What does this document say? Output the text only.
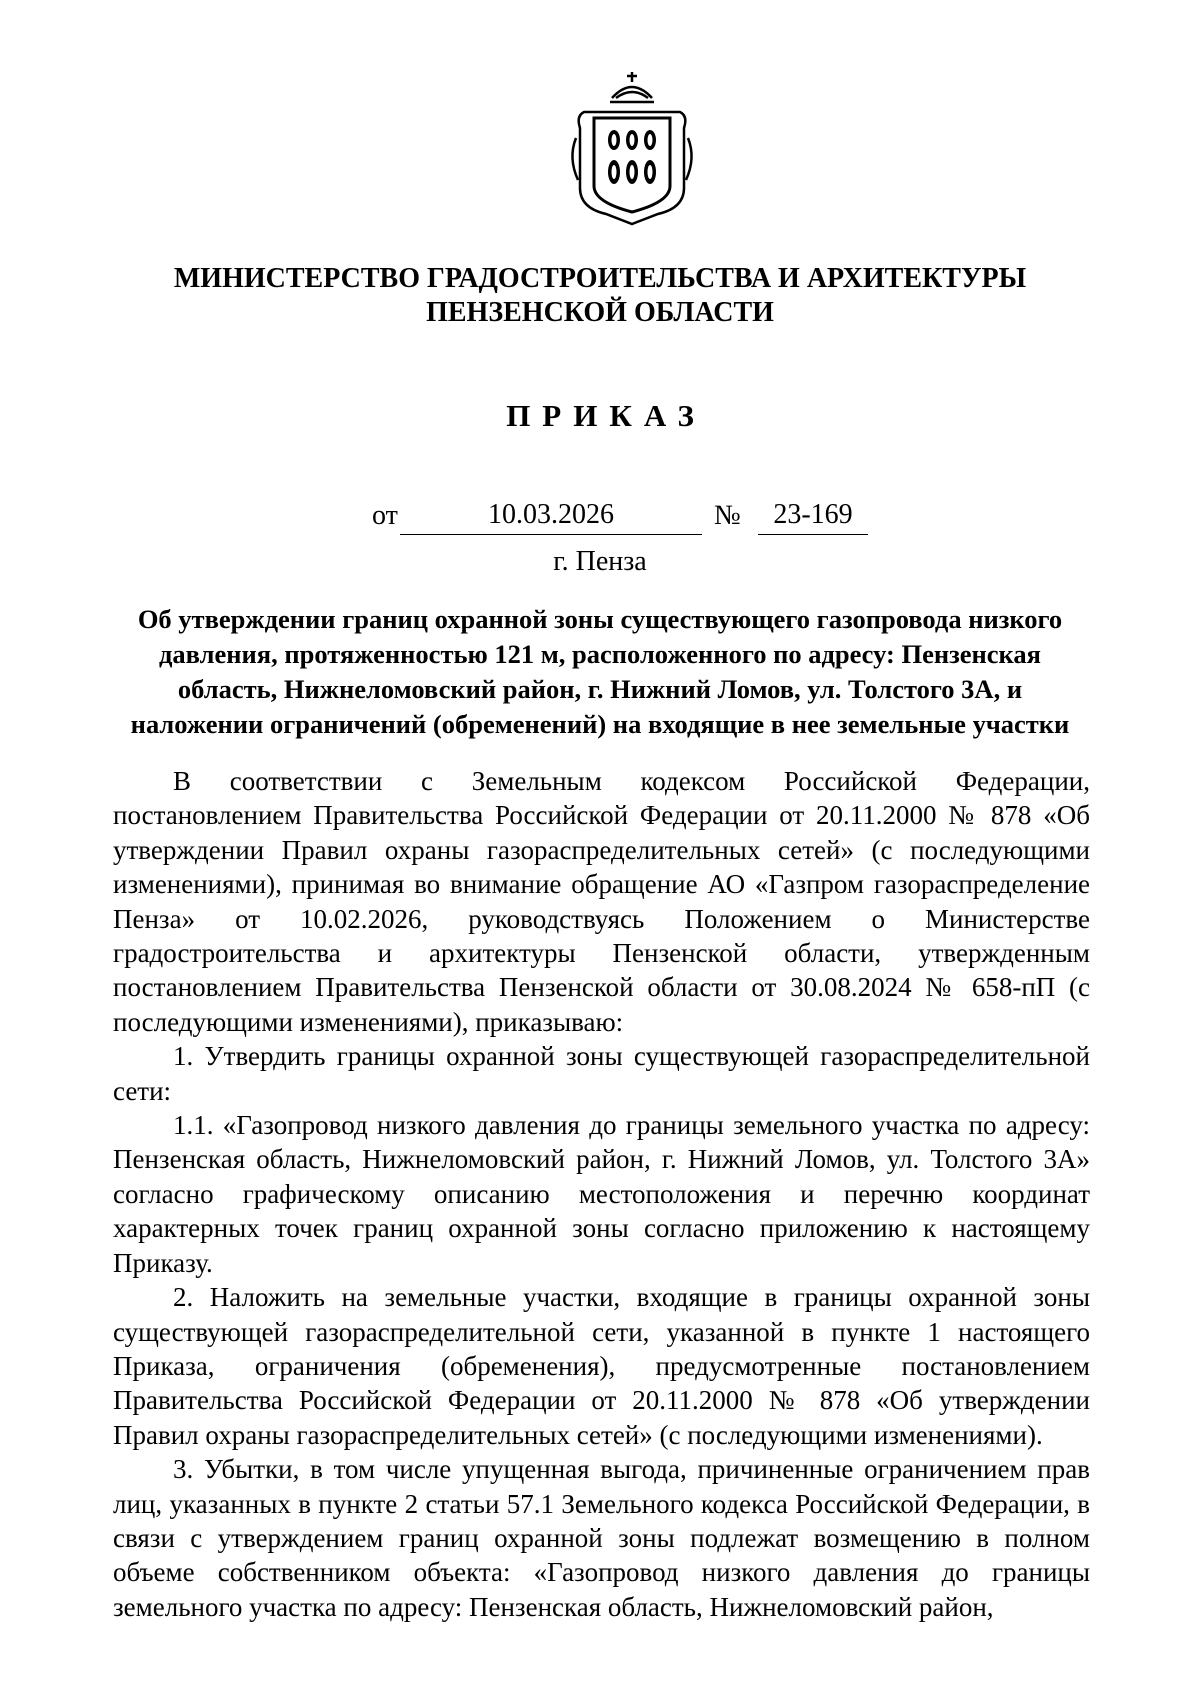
МИНИСТЕРСТВО ГРАДОСТРОИТЕЛЬСТВА И АРХИТЕКТУРЫ
ПЕНЗЕНСКОЙ ОБЛАСТИ
ПРИКАЗ
от	10.03.2026	№	23-169
г. Пенза
Об утверждении границ охранной зоны существующего газопровода низкого давления, протяженностью 121 м, расположенного по адресу: Пензенская область, Нижнеломовский район, г. Нижний Ломов, ул. Толстого 3А, и наложении ограничений (обременений) на входящие в нее земельные участки

В соответствии с Земельным кодексом Российской Федерации, постановлением Правительства Российской Федерации от 20.11.2000 № 878 «Об утверждении Правил охраны газораспределительных сетей» (с последующими изменениями), принимая во внимание обращение АО «Газпром газораспределение Пенза» от 10.02.2026, руководствуясь Положением о Министерстве градостроительства и архитектуры Пензенской области, утвержденным постановлением Правительства Пензенской области от 30.08.2024 № 658-пП (с последующими изменениями), приказываю:

1. Утвердить границы охранной зоны существующей газораспределительной сети:

1.1. «Газопровод низкого давления до границы земельного участка по адресу: Пензенская область, Нижнеломовский район, г. Нижний Ломов, ул. Толстого 3А» согласно графическому описанию местоположения и перечню координат характерных точек границ охранной зоны согласно приложению к настоящему Приказу.

2. Наложить на земельные участки, входящие в границы охранной зоны существующей газораспределительной сети, указанной в пункте 1 настоящего Приказа, ограничения (обременения), предусмотренные постановлением Правительства Российской Федерации от 20.11.2000 № 878 «Об утверждении Правил охраны газораспределительных сетей» (с последующими изменениями).

3. Убытки, в том числе упущенная выгода, причиненные ограничением прав лиц, указанных в пункте 2 статьи 57.1 Земельного кодекса Российской Федерации, в связи с утверждением границ охранной зоны подлежат возмещению в полном объеме собственником объекта: «Газопровод низкого давления до границы земельного участка по адресу: Пензенская область, Нижнеломовский район,
